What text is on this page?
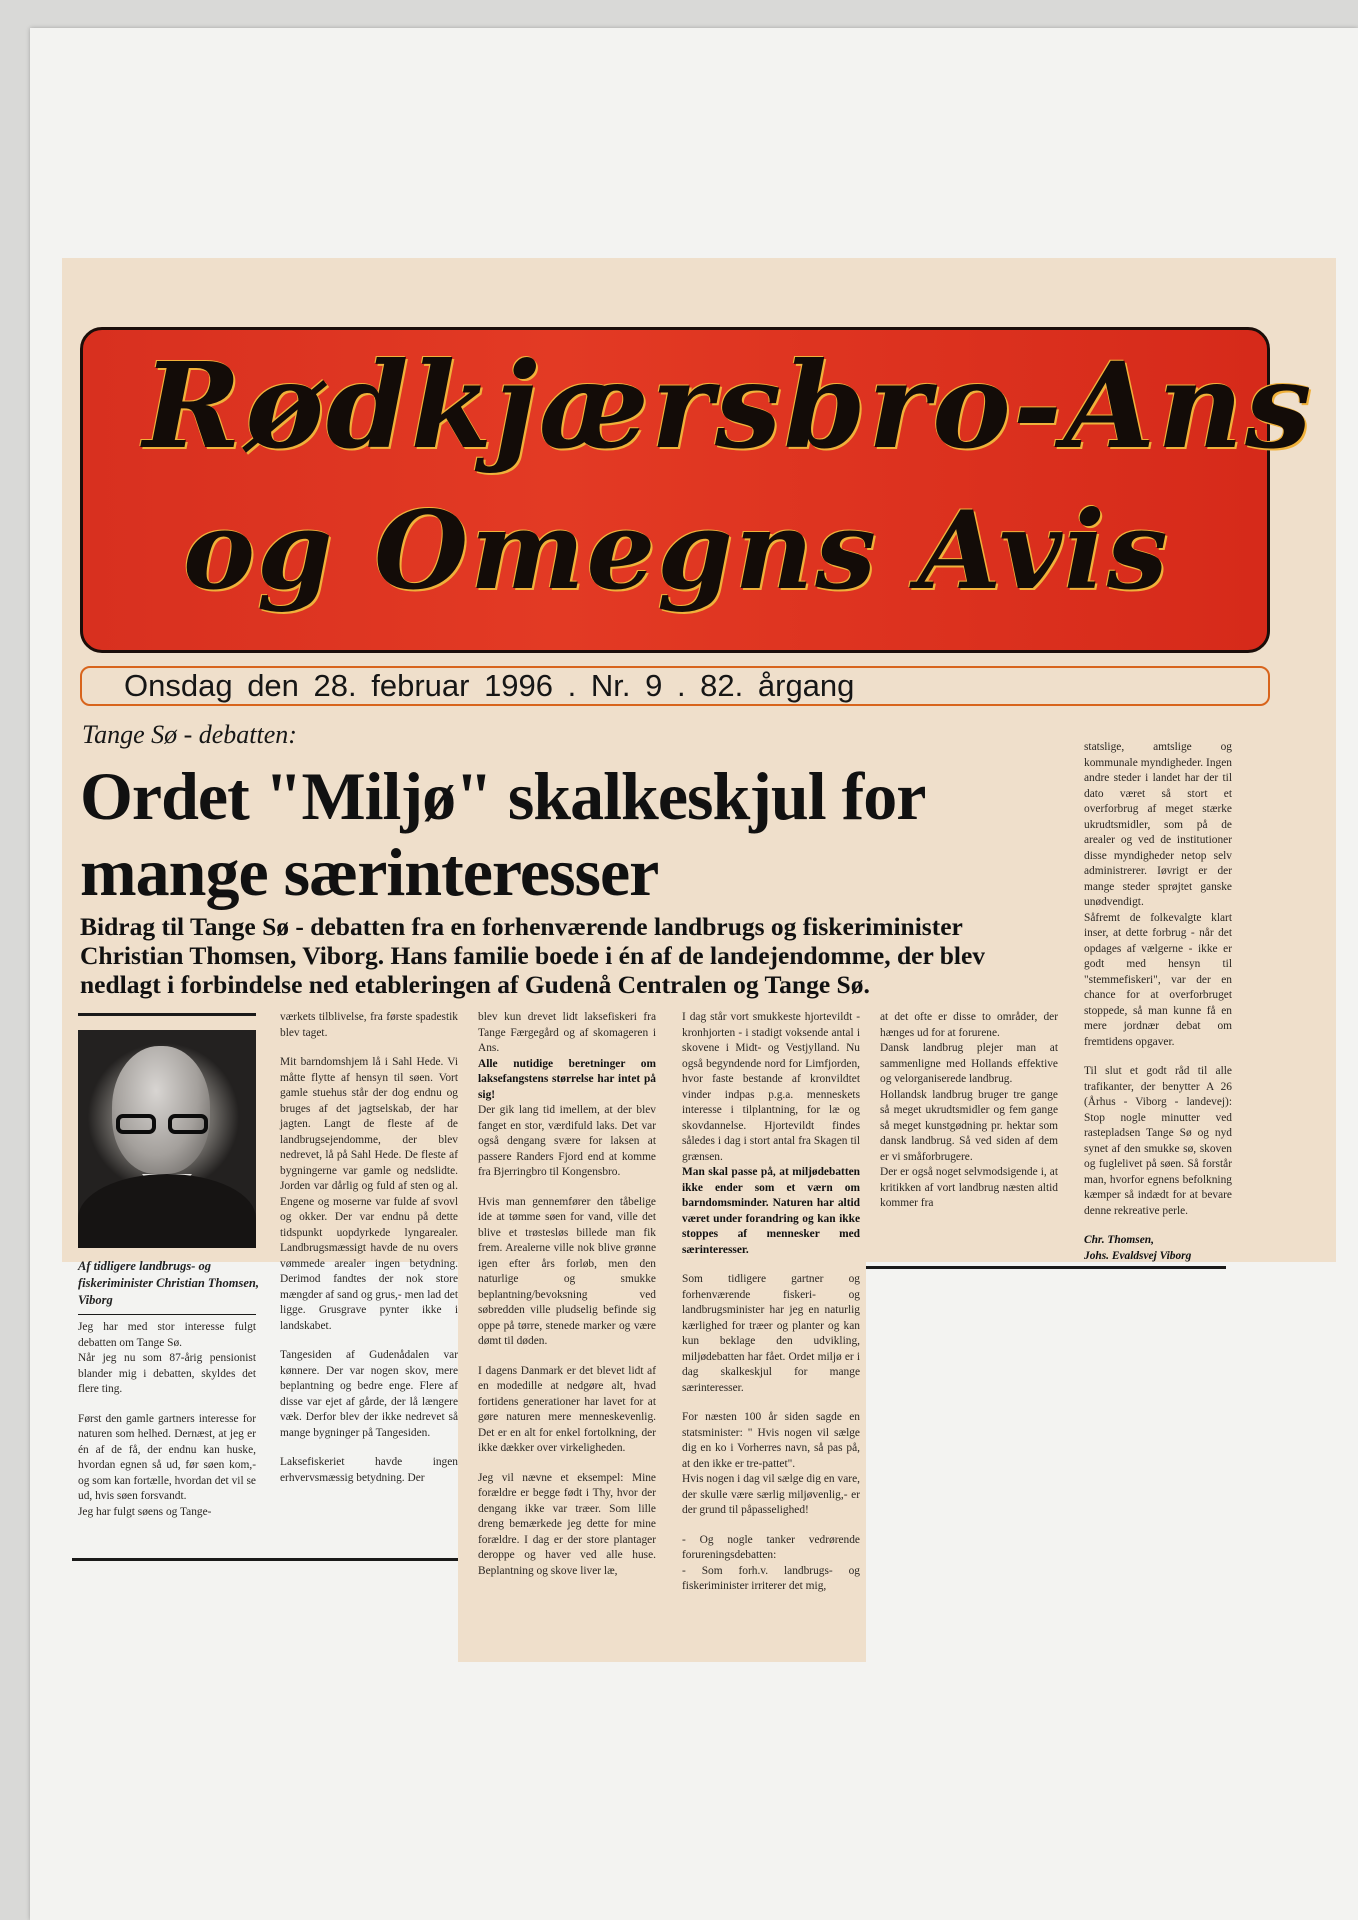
Rødkjærsbro-Ans
og Omegns Avis
Onsdag den 28. februar 1996 . Nr. 9 . 82. årgang
Tange Sø - debatten:
Ordet "Miljø" skalkeskjul for mange særinteresser
Bidrag til Tange Sø - debatten fra en forhenværende landbrugs og fiskeriminister Christian Thomsen, Viborg. Hans familie boede i én af de landejendomme, der blev nedlagt i forbindelse ned etableringen af Gudenå Centralen og Tange Sø.
Af tidligere landbrugs- og fiskeriminister Christian Thomsen, Viborg

Jeg har med stor interesse fulgt debatten om Tange Sø.

Når jeg nu som 87-årig pensionist blander mig i debatten, skyldes det flere ting.

Først den gamle gartners interesse for naturen som helhed. Dernæst, at jeg er én af de få, der endnu kan huske, hvordan egnen så ud, før søen kom,- og som kan fortælle, hvordan det vil se ud, hvis søen forsvandt.

Jeg har fulgt søens og Tange-

værkets tilblivelse, fra første spadestik blev taget.

Mit barndomshjem lå i Sahl Hede. Vi måtte flytte af hensyn til søen. Vort gamle stuehus står der dog endnu og bruges af det jagtselskab, der har jagten. Langt de fleste af de landbrugsejendomme, der blev nedrevet, lå på Sahl Hede. De fleste af bygningerne var gamle og nedslidte. Jorden var dårlig og fuld af sten og al. Engene og moserne var fulde af svovl og okker. Der var endnu på dette tidspunkt uopdyrkede lyngarealer. Landbrugsmæssigt havde de nu overs vømmede arealer ingen betydning. Derimod fandtes der nok store mængder af sand og grus,- men lad det ligge. Grusgrave pynter ikke i landskabet.

Tangesiden af Gudenådalen var kønnere. Der var nogen skov, mere beplantning og bedre enge. Flere af disse var ejet af gårde, der lå længere væk. Derfor blev der ikke nedrevet så mange bygninger på Tangesiden.

Laksefiskeriet havde ingen erhvervsmæssig betydning. Der

blev kun drevet lidt laksefiskeri fra Tange Færgegård og af skomageren i Ans.

Alle nutidige beretninger om laksefangstens størrelse har intet på sig!

Der gik lang tid imellem, at der blev fanget en stor, værdifuld laks. Det var også dengang svære for laksen at passere Randers Fjord end at komme fra Bjerringbro til Kongensbro.

Hvis man gennemfører den tåbelige ide at tømme søen for vand, ville det blive et trøstesløs billede man fik frem. Arealerne ville nok blive grønne igen efter års forløb, men den naturlige og smukke beplantning/bevoksning ved søbredden ville pludselig befinde sig oppe på tørre, stenede marker og være dømt til døden.

I dagens Danmark er det blevet lidt af en modedille at nedgøre alt, hvad fortidens generationer har lavet for at gøre naturen mere menneskevenlig. Det er en alt for enkel fortolkning, der ikke dækker over virkeligheden.

Jeg vil nævne et eksempel: Mine forældre er begge født i Thy, hvor der dengang ikke var træer. Som lille dreng bemærkede jeg dette for mine forældre. I dag er der store plantager deroppe og haver ved alle huse. Beplantning og skove liver læ,

I dag står vort smukkeste hjortevildt - kronhjorten - i stadigt voksende antal i skovene i Midt- og Vestjylland. Nu også begyndende nord for Limfjorden, hvor faste bestande af kronvildtet vinder indpas p.g.a. menneskets interesse i tilplantning, for læ og skovdannelse. Hjortevildt findes således i dag i stort antal fra Skagen til grænsen.

Man skal passe på, at miljødebatten ikke ender som et værn om barndomsminder. Naturen har altid været under forandring og kan ikke stoppes af mennesker med særinteresser.

Som tidligere gartner og forhenværende fiskeri- og landbrugsminister har jeg en naturlig kærlighed for træer og planter og kan kun beklage den udvikling, miljødebatten har fået. Ordet miljø er i dag skalkeskjul for mange særinteresser.

For næsten 100 år siden sagde en statsminister: " Hvis nogen vil sælge dig en ko i Vorherres navn, så pas på, at den ikke er tre-pattet".

Hvis nogen i dag vil sælge dig en vare, der skulle være særlig miljøvenlig,- er der grund til påpasselighed!

- Og nogle tanker vedrørende forureningsdebatten:

- Som forh.v. landbrugs- og fiskeriminister irriterer det mig,

at det ofte er disse to områder, der hænges ud for at forurene.

Dansk landbrug plejer man at sammenligne med Hollands effektive og velorganiserede landbrug.

Hollandsk landbrug bruger tre gange så meget ukrudtsmidler og fem gange så meget kunstgødning pr. hektar som dansk landbrug. Så ved siden af dem er vi småforbrugere.

Der er også noget selvmodsigende i, at kritikken af vort landbrug næsten altid kommer fra

statslige, amtslige og kommunale myndigheder. Ingen andre steder i landet har der til dato været så stort et overforbrug af meget stærke ukrudtsmidler, som på de arealer og ved de institutioner disse myndigheder netop selv administrerer. Iøvrigt er der mange steder sprøjtet ganske unødvendigt.

Såfremt de folkevalgte klart inser, at dette forbrug - når det opdages af vælgerne - ikke er godt med hensyn til "stemmefiskeri", var der en chance for at overforbruget stoppede, så man kunne få en mere jordnær debat om fremtidens opgaver.

Til slut et godt råd til alle trafikanter, der benytter A 26 (Århus - Viborg - landevej): Stop nogle minutter ved rastepladsen Tange Sø og nyd synet af den smukke sø, skoven og fuglelivet på søen. Så forstår man, hvorfor egnens befolkning kæmper så indædt for at bevare denne rekreative perle.

Chr. Thomsen,

Johs. Evaldsvej Viborg
